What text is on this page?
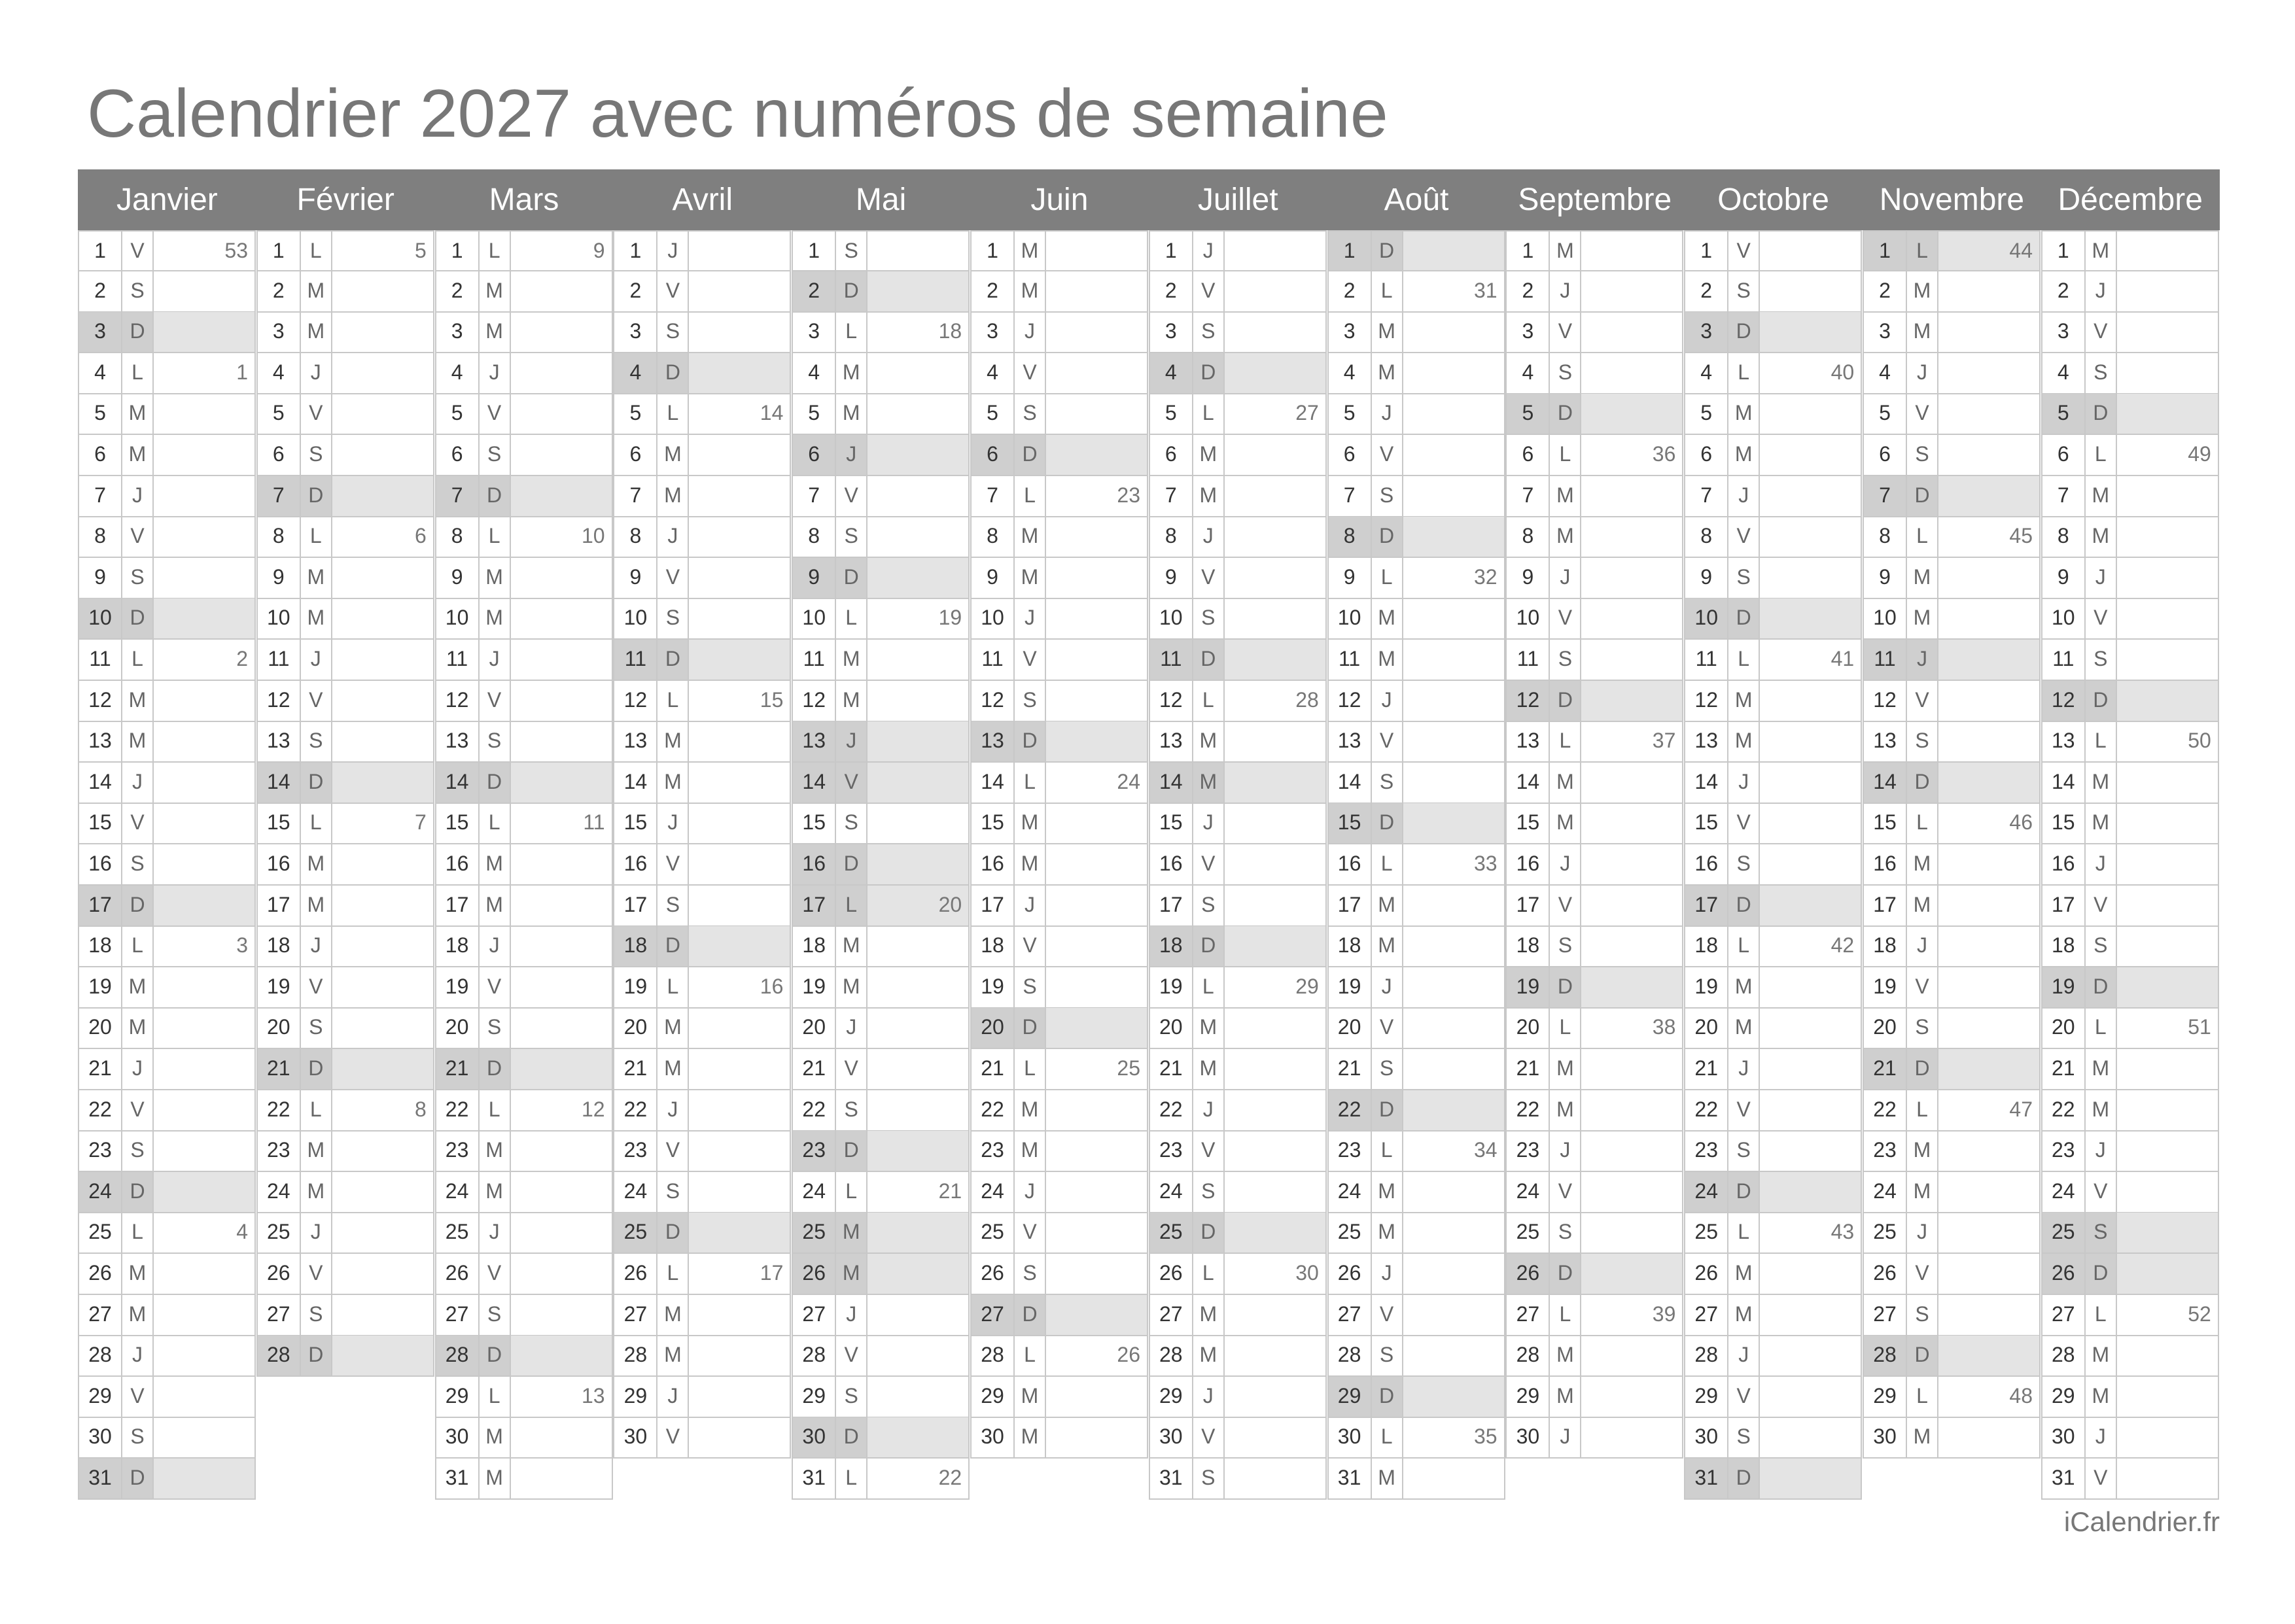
Calendrier 2027 avec numéros de semaine
Janvier	Février	Mars	Avril	Mai	Juin	Juillet	Août	Septembre	Octobre	Novembre	Décembre
1	V	53
2	S
3	D
4	L	1
5	M
6	M
7	J
8	V
9	S
10 D
11 L	2
12 M
13 M
14 J
15 V
16 S
17 D
18 L	3
19 M
20 M
21 J
22 V
23 S
24 D
25 L	4
26 M
27 M
28 J
29 V
30 S
31 D
1	L	5
2	M
3	M
4	J
5	V
6	S
7	D
8	L	6
9	M
10 M
11	J
12 V
13 S
14 D
15 L	7
16 M
17 M
18 J
19 V
20 S
21 D
22 L	8
23 M
24 M
25 J
26 V
27 S
28 D
1	L	9
2	M
3	M
4	J
5	V
6	S
7	D
8	L	10
9	M
10 M
11	J
12 V
13 S
14 D
15 L	11
16 M
17 M
18 J
19 V
20 S
21 D
22 L	12
23 M
24 M
25 J
26 V
27 S
28 D
29 L	13
30 M
31 M
1	J
2	V
3	S
4	D
5	L	14
6	M
7	M
8	J
9	V
10 S
11 D
12 L	15
13 M
14 M
15 J
16 V
17 S
18 D
19 L	16
20 M
21 M
22 J
23 V
24 S
25 D
26 L	17
27 M
28 M
29 J
30 V
1	S
2	D
3	L	18
4	M
5	M
6	J
7	V
8	S
9	D
10 L	19
11 M
12 M
13 J
14 V
15 S
16 D
17 L	20
18 M
19 M
20 J
21 V
22 S
23 D
24 L	21
25 M
26 M
27 J
28 V
29 S
30 D
31 L	22
1	M
2	M
3	J
4	V
5	S
6	D
7	L	23
8	M
9	M
10 J
11 V
12 S
13 D
14 L	24
15 M
16 M
17 J
18 V
19 S
20 D
21 L	25
22 M
23 M
24 J
25 V
26 S
27 D
28 L	26
29 M
30 M
1	J
2	V
3	S
4	D
5	L	27
6	M
7	M
8	J
9	V
10 S
11 D
12 L	28
13 M
14 M
15 J
16 V
17 S
18 D
19 L	29
20 M
21 M
22 J
23 V
24 S
25 D
26 L	30
27 M
28 M
29 J
30 V
31 S
1	D
2	L	31
3	M
4	M
5	J
6	V
7	S
8	D
9	L	32
10 M
11 M
12 J
13 V
14 S
15 D
16 L	33
17 M
18 M
19 J
20 V
21 S
22 D
23 L	34
24 M
25 M
26 J
27 V
28 S
29 D
30 L	35
31 M
1	M
2	J
3	V
4	S
5	D
6	L	36
7	M
8	M
9	J
10 V
11 S
12 D
13 L	37
14 M
15 M
16 J
17 V
18 S
19 D
20 L	38
21 M
22 M
23 J
24 V
25 S
26 D
27 L	39
28 M
29 M
30 J
1	V
2	S
3	D
4	L	40
5	M
6	M
7	J
8	V
9	S
10 D
11 L	41
12 M
13 M
14 J
15 V
16 S
17 D
18 L	42
19 M
20 M
21 J
22 V
23 S
24 D
25 L	43
26 M
27 M
28 J
29 V
30 S
31 D
1	L	44
2	M
3	M
4	J
5	V
6	S
7	D
8	L	45
9	M
10 M
11	J
12 V
13 S
14 D
15 L	46
16 M
17 M
18 J
19 V
20 S
21 D
22 L	47
23 M
24 M
25 J
26 V
27 S
28 D
29 L	48
30 M
1	M
2	J
3	V
4	S
5	D
6	L	49
7	M
8	M
9	J
10 V
11 S
12 D
13 L	50
14 M
15 M
16 J
17 V
18 S
19 D
20 L	51
21 M
22 M
23 J
24 V
25 S
26 D
27 L	52
28 M
29 M
30 J
31 V
iCalendrier.fr
